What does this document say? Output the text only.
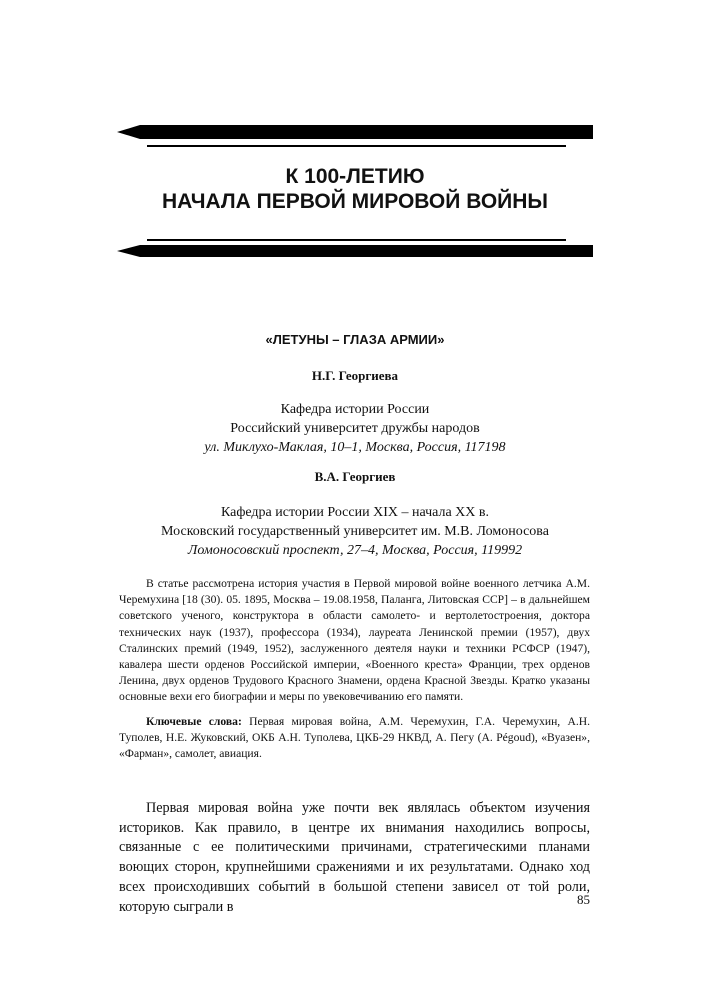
К 100-ЛЕТИЮ
НАЧАЛА ПЕРВОЙ МИРОВОЙ ВОЙНЫ
«ЛЕТУНЫ – ГЛАЗА АРМИИ»
Н.Г. Георгиева
Кафедра истории России
Российский университет дружбы народов
ул. Миклухо-Маклая, 10–1, Москва, Россия, 117198
В.А. Георгиев
Кафедра истории России XIX – начала XX в.
Московский государственный университет им. М.В. Ломоносова
Ломоносовский проспект, 27–4, Москва, Россия, 119992

В статье рассмотрена история участия в Первой мировой войне военного летчика А.М. Черемухина [18 (30). 05. 1895, Москва – 19.08.1958, Паланга, Литовская ССР] – в дальнейшем советского ученого, конструктора в области самолето- и вертолетостроения, доктора технических наук (1937), профессора (1934), лауреата Ленинской премии (1957), двух Сталинских премий (1949, 1952), заслуженного деятеля науки и техники РСФСР (1947), кавалера шести орденов Российской империи, «Военного креста» Франции, трех орденов Ленина, двух орденов Трудового Красного Знамени, ордена Красной Звезды. Кратко указаны основные вехи его биографии и меры по увековечиванию его памяти.

Ключевые слова: Первая мировая война, А.М. Черемухин, Г.А. Черемухин, А.Н. Туполев, Н.Е. Жуковский, ОКБ А.Н. Туполева, ЦКБ-29 НКВД, А. Пегу (A. Pégoud), «Вуазен», «Фарман», самолет, авиация.

Первая мировая война уже почти век являлась объектом изучения историков. Как правило, в центре их внимания находились вопросы, связанные с ее политическими причинами, стратегическими планами воющих сторон, крупнейшими сражениями и их результатами. Однако ход всех происходивших событий в большой степени зависел от той роли, которую сыграли в	85
